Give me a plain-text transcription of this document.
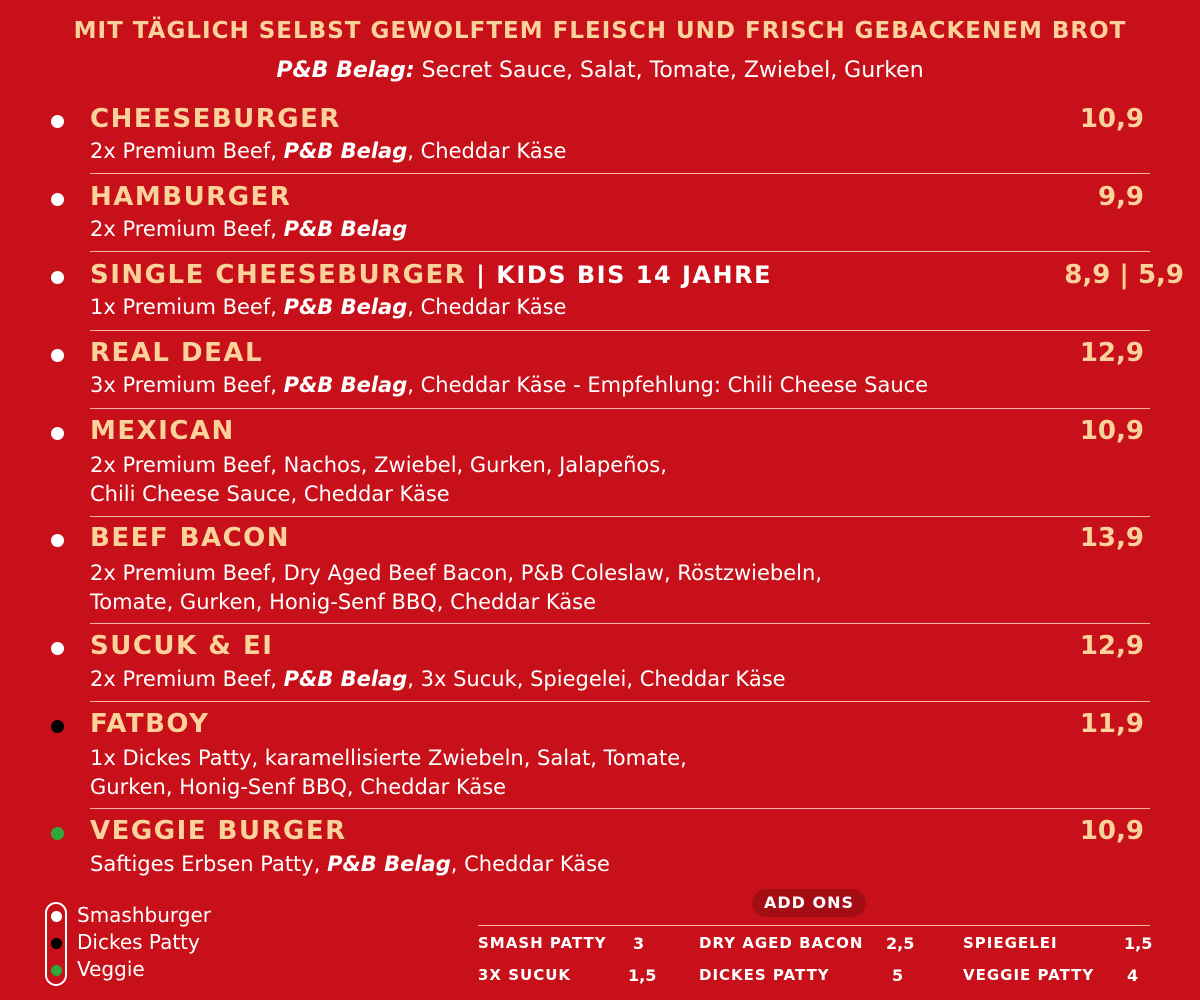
MIT TÄGLICH SELBST GEWOLFTEM FLEISCH UND FRISCH GEBACKENEM BROT
P&B Belag: Secret Sauce, Salat, Tomate, Zwiebel, Gurken
CHEESEBURGER	10,9
2x Premium Beef, P&B Belag, Cheddar Käse
HAMBURGER	9,9
2x Premium Beef, P&B Belag
SINGLE CHEESEBURGER | KIDS BIS 14 JAHRE	8,9 | 5,9
1x Premium Beef, P&B Belag, Cheddar Käse
REAL DEAL	12,9
3x Premium Beef, P&B Belag, Cheddar Käse - Empfehlung: Chili Cheese Sauce
MEXICAN	10,9
2x Premium Beef, Nachos, Zwiebel, Gurken, Jalapeños,
Chili Cheese Sauce, Cheddar Käse
BEEF BACON	13,9
2x Premium Beef, Dry Aged Beef Bacon, P&B Coleslaw, Röstzwiebeln,
Tomate, Gurken, Honig-Senf BBQ, Cheddar Käse
SUCUK & EI	12,9
2x Premium Beef, P&B Belag, 3x Sucuk, Spiegelei, Cheddar Käse
FATBOY	11,9
1x Dickes Patty, karamellisierte Zwiebeln, Salat, Tomate,
Gurken, Honig-Senf BBQ, Cheddar Käse
VEGGIE BURGER	10,9
Saftiges Erbsen Patty, P&B Belag, Cheddar Käse
Smashburger
Dickes Patty
Veggie
ADD ONS
SMASH PATTY 3	DRY AGED BACON 2,5	SPIEGELEI	1,5
3X SUCUK	1,5	DICKES PATTY	5	VEGGIE PATTY 4
